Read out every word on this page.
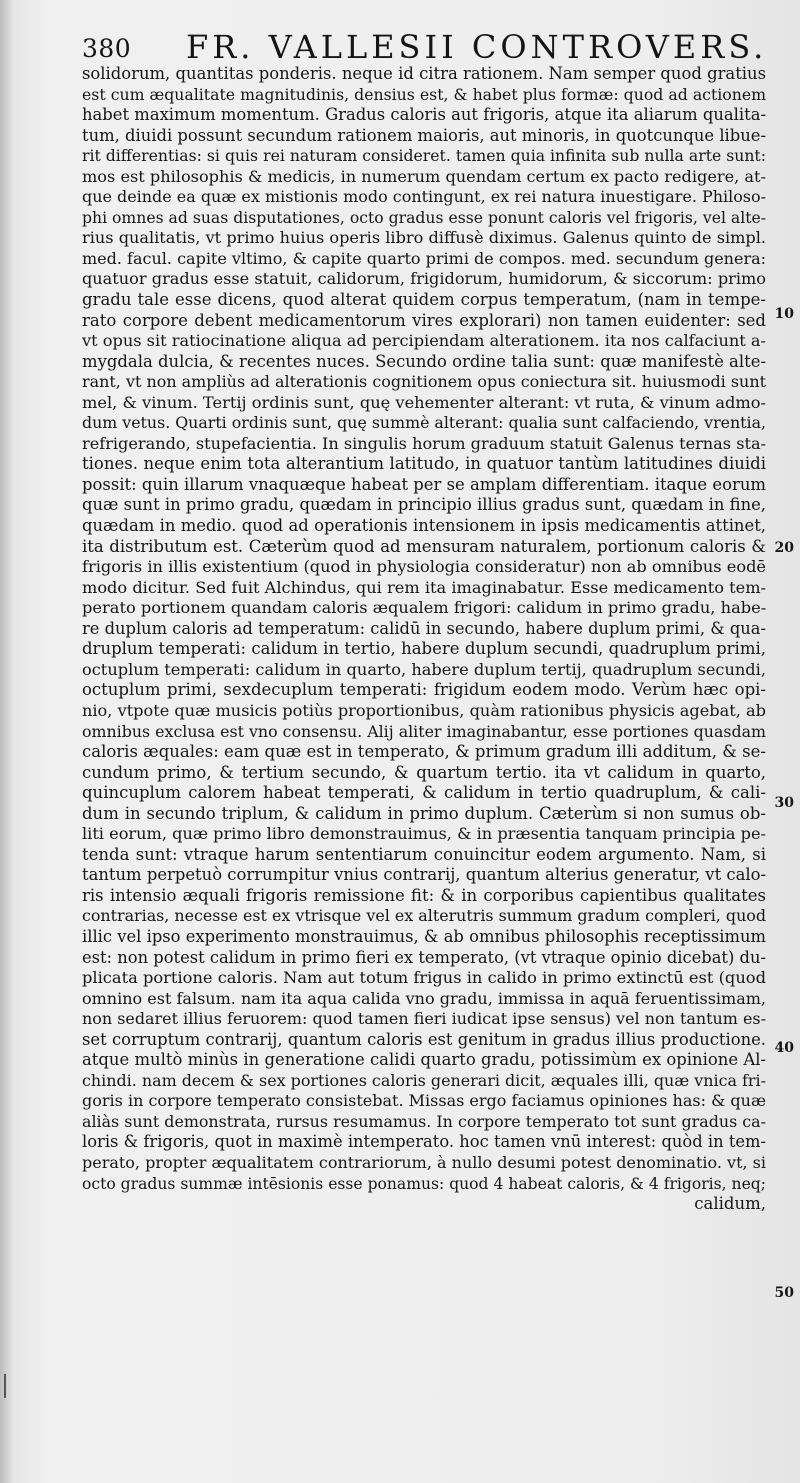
380 FR. VALLESII CONTROVERS.
solidorum, quantitas ponderis. neque id citra rationem. Nam semper quod gratius
est cum æqualitate magnitudinis, densius est, & habet plus formæ: quod ad actionem
habet maximum momentum. Gradus caloris aut frigoris, atque ita aliarum qualita-
tum, diuidi possunt secundum rationem maioris, aut minoris, in quotcunque libue-
rit differentias: si quis rei naturam consideret. tamen quia infinita sub nulla arte sunt:
mos est philosophis & medicis, in numerum quendam certum ex pacto redigere, at-
que deinde ea quæ ex mistionis modo contingunt, ex rei natura inuestigare. Philoso-
phi omnes ad suas disputationes, octo gradus esse ponunt caloris vel frigoris, vel alte-
rius qualitatis, vt primo huius operis libro diffusè diximus. Galenus quinto de simpl.
med. facul. capite vltimo, & capite quarto primi de compos. med. secundum genera:
quatuor gradus esse statuit, calidorum, frigidorum, humidorum, & siccorum: primo
gradu tale esse dicens, quod alterat quidem corpus temperatum, (nam in tempe-
rato corpore debent medicamentorum vires explorari) non tamen euidenter: sed
vt opus sit ratiocinatione aliqua ad percipiendam alterationem. ita nos calfaciunt a-
mygdala dulcia, & recentes nuces. Secundo ordine talia sunt: quæ manifestè alte-
rant, vt non ampliùs ad alterationis cognitionem opus coniectura sit. huiusmodi sunt
mel, & vinum. Tertij ordinis sunt, quę vehementer alterant: vt ruta, & vinum admo-
dum vetus. Quarti ordinis sunt, quę summè alterant: qualia sunt calfaciendo, vrentia,
refrigerando, stupefacientia. In singulis horum graduum statuit Galenus ternas sta-
tiones. neque enim tota alterantium latitudo, in quatuor tantùm latitudines diuidi
possit: quin illarum vnaquæque habeat per se amplam differentiam. itaque eorum
quæ sunt in primo gradu, quædam in principio illius gradus sunt, quædam in fine,
quædam in medio. quod ad operationis intensionem in ipsis medicamentis attinet,
ita distributum est. Cæterùm quod ad mensuram naturalem, portionum caloris &
frigoris in illis existentium (quod in physiologia consideratur) non ab omnibus eodē
modo dicitur. Sed fuit Alchindus, qui rem ita imaginabatur. Esse medicamento tem-
perato portionem quandam caloris æqualem frigori: calidum in primo gradu, habe-
re duplum caloris ad temperatum: calidū in secundo, habere duplum primi, & qua-
druplum temperati: calidum in tertio, habere duplum secundi, quadruplum primi,
octuplum temperati: calidum in quarto, habere duplum tertij, quadruplum secundi,
octuplum primi, sexdecuplum temperati: frigidum eodem modo. Verùm hæc opi-
nio, vtpote quæ musicis potiùs proportionibus, quàm rationibus physicis agebat, ab
omnibus exclusa est vno consensu. Alij aliter imaginabantur, esse portiones quasdam
caloris æquales: eam quæ est in temperato, & primum gradum illi additum, & se-
cundum primo, & tertium secundo, & quartum tertio. ita vt calidum in quarto,
quincuplum calorem habeat temperati, & calidum in tertio quadruplum, & cali-
dum in secundo triplum, & calidum in primo duplum. Cæterùm si non sumus ob-
liti eorum, quæ primo libro demonstrauimus, & in præsentia tanquam principia pe-
tenda sunt: vtraque harum sententiarum conuincitur eodem argumento. Nam, si
tantum perpetuò corrumpitur vnius contrarij, quantum alterius generatur, vt calo-
ris intensio æquali frigoris remissione fit: & in corporibus capientibus qualitates
contrarias, necesse est ex vtrisque vel ex alterutris summum gradum compleri, quod
illic vel ipso experimento monstrauimus, & ab omnibus philosophis receptissimum
est: non potest calidum in primo fieri ex temperato, (vt vtraque opinio dicebat) du-
plicata portione caloris. Nam aut totum frigus in calido in primo extinctū est (quod
omnino est falsum. nam ita aqua calida vno gradu, immissa in aquā feruentissimam,
non sedaret illius feruorem: quod tamen fieri iudicat ipse sensus) vel non tantum es-
set corruptum contrarij, quantum caloris est genitum in gradus illius productione.
atque multò minùs in generatione calidi quarto gradu, potissimùm ex opinione Al-
chindi. nam decem & sex portiones caloris generari dicit, æquales illi, quæ vnica fri-
goris in corpore temperato consistebat. Missas ergo faciamus opiniones has: & quæ
aliàs sunt demonstrata, rursus resumamus. In corpore temperato tot sunt gradus ca-
loris & frigoris, quot in maximè intemperato. hoc tamen vnū interest: quòd in tem-
perato, propter æqualitatem contrariorum, à nullo desumi potest denominatio. vt, si
octo gradus summæ intēsionis esse ponamus: quod 4 habeat caloris, & 4 frigoris, neq;
calidum,
10
20
30
40
50
